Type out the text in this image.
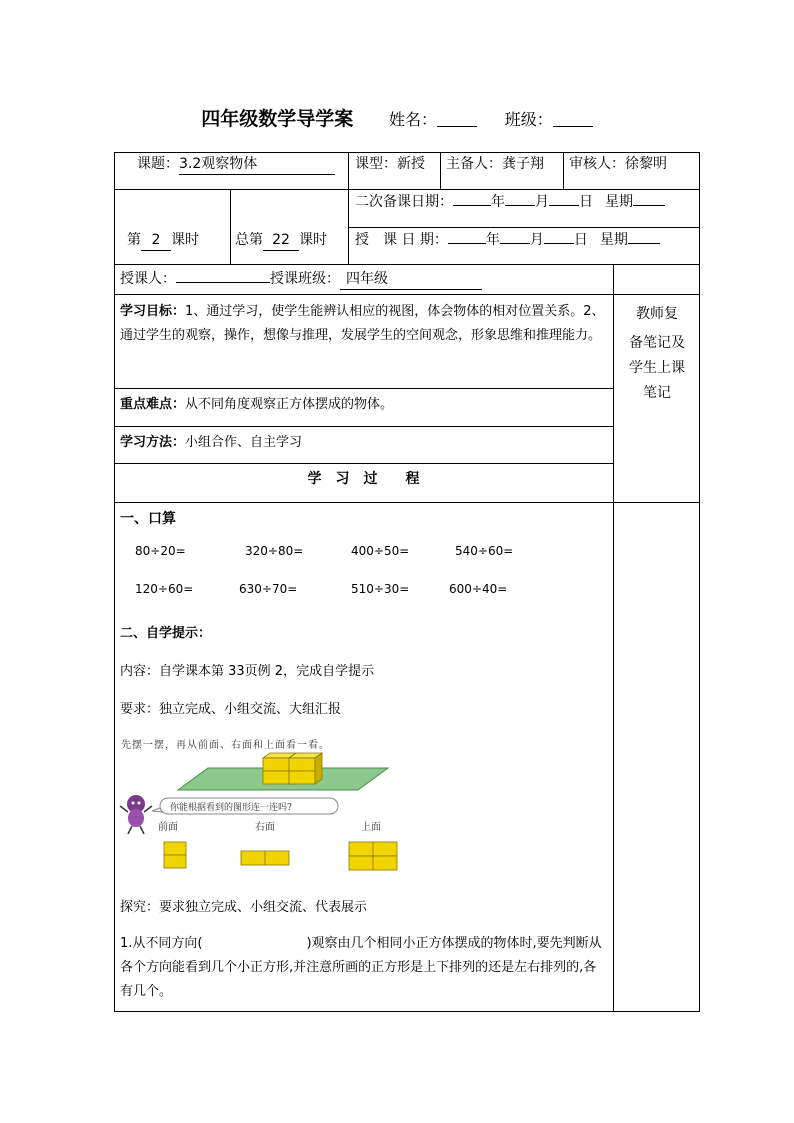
四年级数学导学案 姓名：	班级：
课题：3.2观察物体	课型：新授 主备人：龚子翔 审核人：徐黎明
第 2 课时	总第 22 课时
二次备课日期：	年 月 日 星期
授　课 日 期：	年 月 日 星期
授课人：	授课班级： 四年级
教师复
备笔记及
学生上课
笔记
学习目标：1、通过学习，使学生能辨认相应的视图，体会物体的相对位置关系。2、通过学生的观察，操作，想像与推理，发展学生的空间观念，形象思维和推理能力。
重点难点：从不同角度观察正方体摆成的物体。
学习方法：小组合作、自主学习
学　习　过　　程
一、口算
80÷20=	320÷80=	400÷50=	540÷60=
120÷60=	630÷70=	510÷30=	600÷40=
二、自学提示：
内容：自学课本第 33页例 2，完成自学提示
要求：独立完成、小组交流、大组汇报
先摆一摆，再从前面、右面和上面看一看。
你能根据看到的图形连一连吗?
前面	右面	上面
探究：要求独立完成、小组交流、代表展示
1.从不同方向(　　　　　　　　)观察由几个相同小正方体摆成的物体时,要先判断从各个方向能看到几个小正方形,并注意所画的正方形是上下排列的还是左右排列的,各有几个。
